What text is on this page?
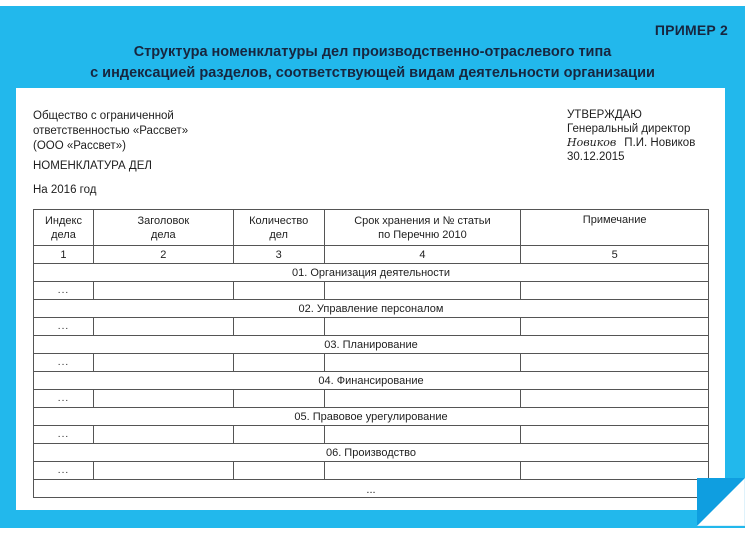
ПРИМЕР 2
Структура номенклатуры дел производственно-отраслевого типа
с индексацией разделов, соответствующей видам деятельности организации
Общество с ограниченной
ответственностью «Рассвет»
(ООО «Рассвет»)
НОМЕНКЛАТУРА ДЕЛ
На 2016 год
УТВЕРЖДАЮ
Генеральный директор
Новиков П.И. Новиков
30.12.2015
Индекс
дела

Заголовок
дела

Количество
дел

Срок хранения и № статьи
по Перечню 2010

Примечание

1	2	3	4	5
01. Организация деятельности				
...				
02. Управление персоналом				
...				
03. Планирование				
...				
04. Финансирование				
...				
05. Правовое урегулирование				
...				
06. Производство				
...				
...				
